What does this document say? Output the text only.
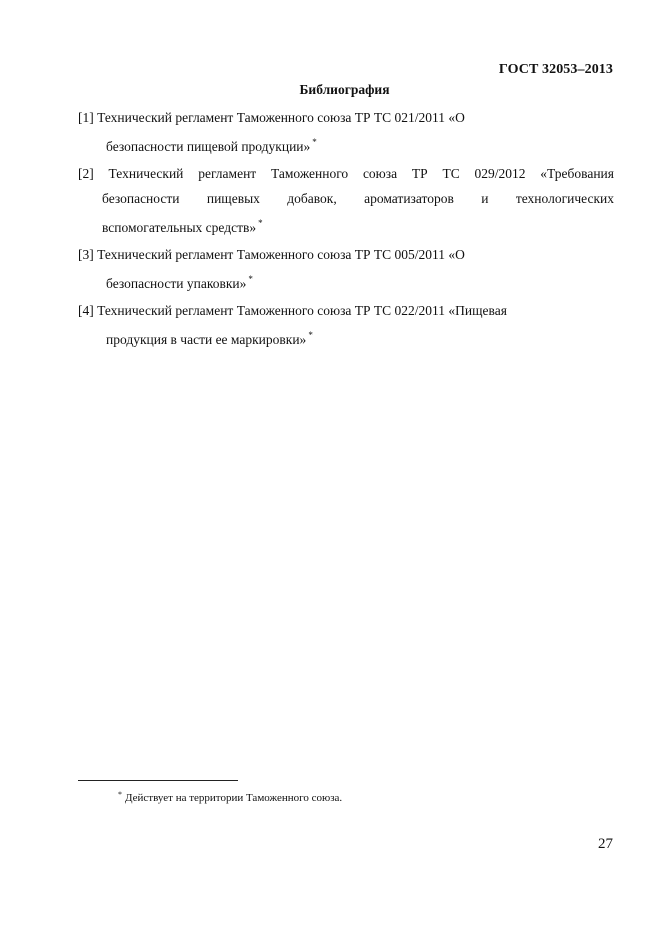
ГОСТ 32053–2013
Библиография
[1] Технический регламент Таможенного союза ТР ТС 021/2011 «О
безопасности пищевой продукции» *
[2] Технический регламент Таможенного союза ТР ТС 029/2012 «Требования
безопасности пищевых добавок, ароматизаторов и технологических
вспомогательных средств» *
[3] Технический регламент Таможенного союза ТР ТС 005/2011 «О
безопасности упаковки» *
[4] Технический регламент Таможенного союза ТР ТС 022/2011 «Пищевая
продукция в части ее маркировки» *
* Действует на территории Таможенного союза.
27
